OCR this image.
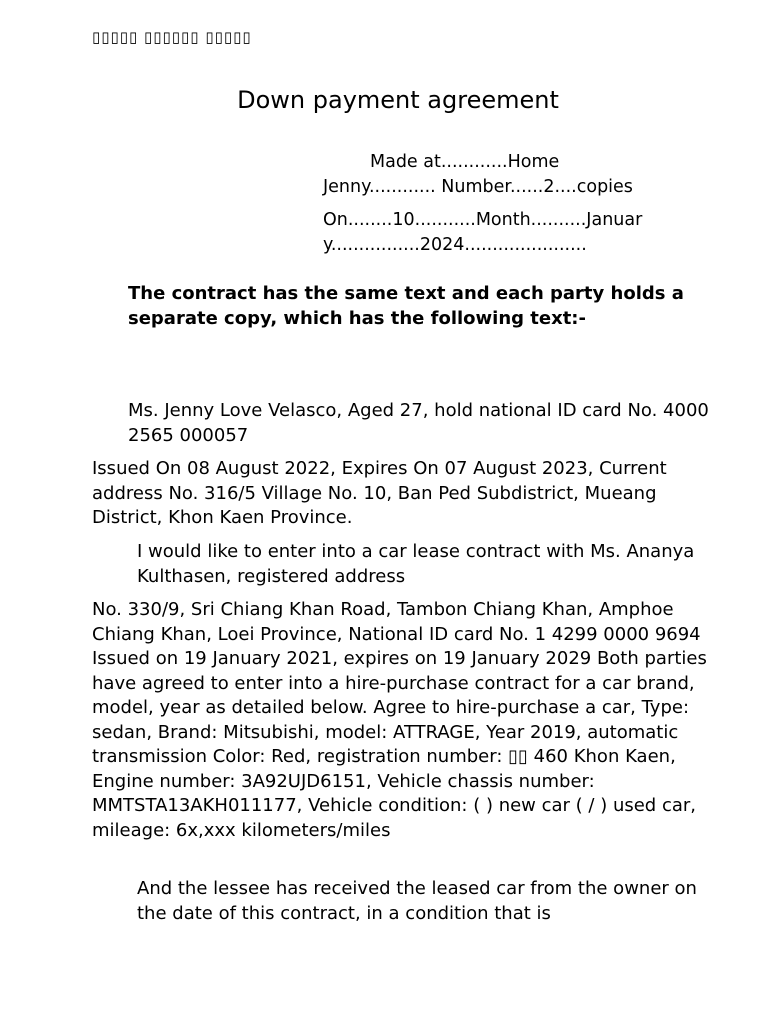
▯▯▯▯▯ ▯▯▯▯▯▯ ▯▯▯▯▯
Down payment agreement
Made at............Home
Jenny............ Number......2....copies
On........10...........Month..........Januar
y................2024......................
The contract has the same text and each party holds a separate copy, which has the following text:-

Ms. Jenny Love Velasco, Aged 27, hold national ID card No. 4000 2565 000057

Issued On 08 August 2022, Expires On 07 August 2023, Current address No. 316/5 Village No. 10, Ban Ped Subdistrict, Mueang District, Khon Kaen Province.

I would like to enter into a car lease contract with Ms. Ananya Kulthasen, registered address

No. 330/9, Sri Chiang Khan Road, Tambon Chiang Khan, Amphoe Chiang Khan, Loei Province, National ID card No. 1 4299 0000 9694 Issued on 19 January 2021, expires on 19 January 2029 Both parties have agreed to enter into a hire-purchase contract for a car brand, model, year as detailed below. Agree to hire-purchase a car, Type: sedan, Brand: Mitsubishi, model: ATTRAGE, Year 2019, automatic transmission Color: Red, registration number: ▯▯ 460 Khon Kaen, Engine number: 3A92UJD6151, Vehicle chassis number: MMTSTA13AKH011177, Vehicle condition: ( ) new car ( / ) used car, mileage: 6x,xxx kilometers/miles

And the lessee has received the leased car from the owner on the date of this contract, in a condition that is
